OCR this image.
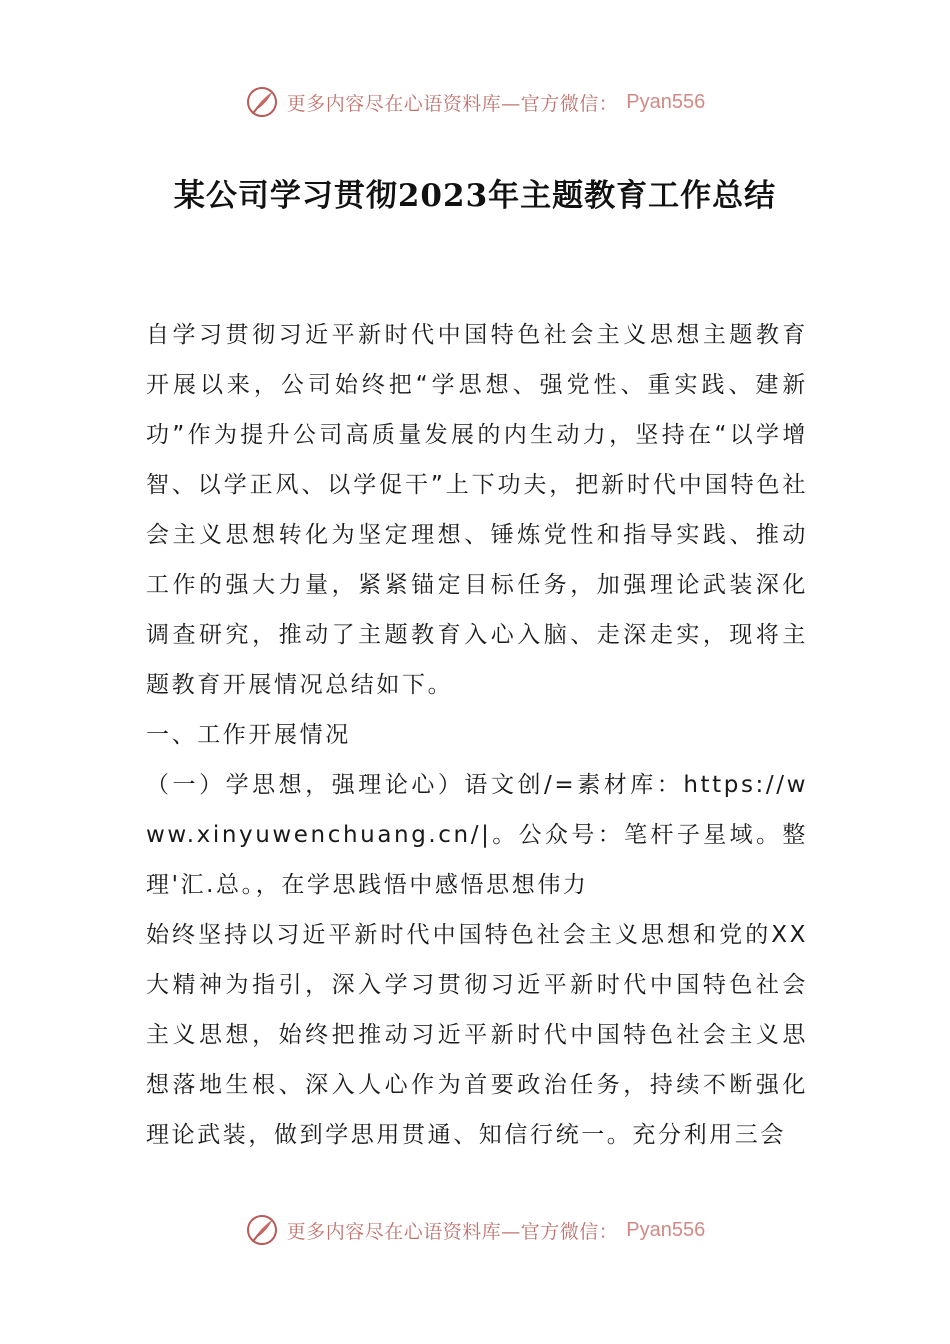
更多内容尽在心语资料库—官方微信： Pyan556
某公司学习贯彻2023年主题教育工作总结

自学习贯彻习近平新时代中国特色社会主义思想主题教育开展以来，公司始终把“学思想、强党性、重实践、建新功”作为提升公司高质量发展的内生动力，坚持在“以学增智、以学正风、以学促干”上下功夫，把新时代中国特色社会主义思想转化为坚定理想、锤炼党性和指导实践、推动工作的强大力量，紧紧锚定目标任务，加强理论武装深化调查研究，推动了主题教育入心入脑、走深走实，现将主题教育开展情况总结如下。

一、工作开展情况

（一）学思想，强理论心）语文创/=素材库：https://www.xinyuwenchuang.cn/|。公众号：笔杆子星域。整理'汇.总。，在学思践悟中感悟思想伟力

始终坚持以习近平新时代中国特色社会主义思想和党的XX大精神为指引，深入学习贯彻习近平新时代中国特色社会主义思想，始终把推动习近平新时代中国特色社会主义思想落地生根、深入人心作为首要政治任务，持续不断强化理论武装，做到学思用贯通、知信行统一。充分利用三会

更多内容尽在心语资料库—官方微信： Pyan556
